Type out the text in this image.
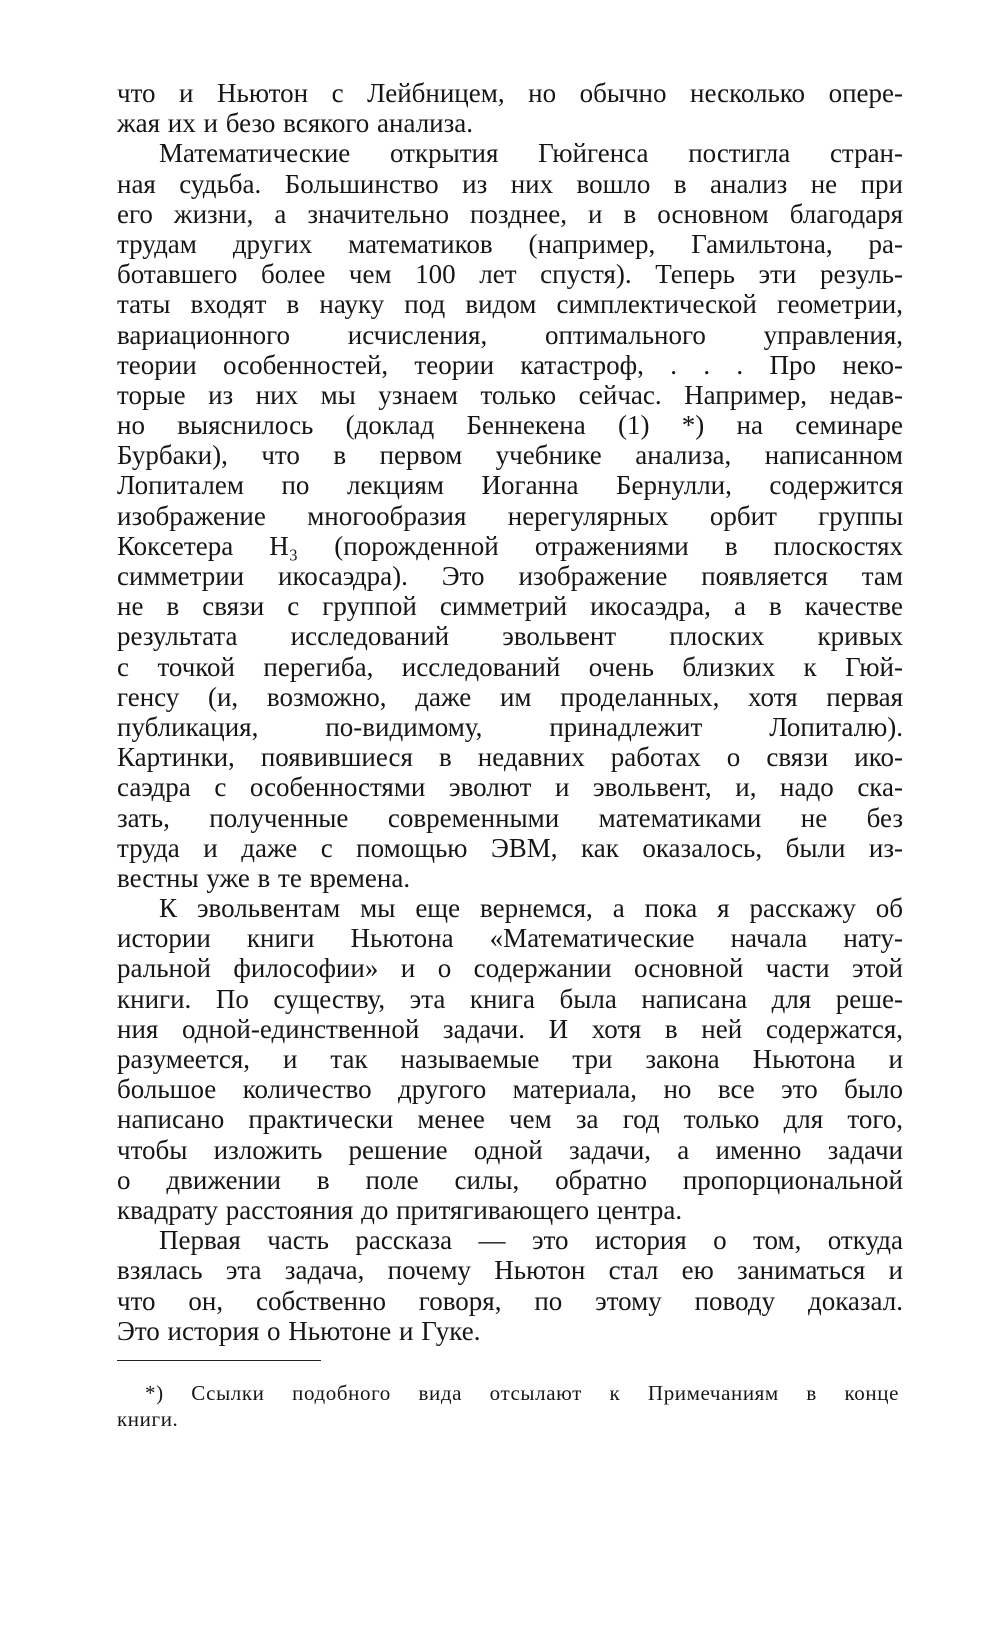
что и Ньютон с Лейбницем, но обычно несколько опере-
жая их и безо всякого анализа.
Математические открытия Гюйгенса постигла стран-
ная судьба. Большинство из них вошло в анализ не при
его жизни, а значительно позднее, и в основном благодаря
трудам других математиков (например, Гамильтона, ра-
ботавшего более чем 100 лет спустя). Теперь эти резуль-
таты входят в науку под видом симплектической геометрии,
вариационного исчисления, оптимального управления,
теории особенностей, теории катастроф, . . . Про неко-
торые из них мы узнаем только сейчас. Например, недав-
но выяснилось (доклад Беннекена (1) *) на семинаре
Бурбаки), что в первом учебнике анализа, написанном
Лопиталем по лекциям Иоганна Бернулли, содержится
изображение многообразия нерегулярных орбит группы
Коксетера H₃ (порожденной отражениями в плоскостях
симметрии икосаэдра). Это изображение появляется там
не в связи с группой симметрий икосаэдра, а в качестве
результата исследований эвольвент плоских кривых
с точкой перегиба, исследований очень близких к Гюй-
генсу (и, возможно, даже им проделанных, хотя первая
публикация, по-видимому, принадлежит Лопиталю).
Картинки, появившиеся в недавних работах о связи ико-
саэдра с особенностями эволют и эвольвент, и, надо ска-
зать, полученные современными математиками не без
труда и даже с помощью ЭВМ, как оказалось, были из-
вестны уже в те времена.
К эвольвентам мы еще вернемся, а пока я расскажу об
истории книги Ньютона «Математические начала нату-
ральной философии» и о содержании основной части этой
книги. По существу, эта книга была написана для реше-
ния одной-единственной задачи. И хотя в ней содержатся,
разумеется, и так называемые три закона Ньютона и
большое количество другого материала, но все это было
написано практически менее чем за год только для того,
чтобы изложить решение одной задачи, а именно задачи
о движении в поле силы, обратно пропорциональной
квадрату расстояния до притягивающего центра.
Первая часть рассказа — это история о том, откуда
взялась эта задача, почему Ньютон стал ею заниматься и
что он, собственно говоря, по этому поводу доказал.
Это история о Ньютоне и Гуке.
*) Ссылки подобного вида отсылают к Примечаниям в конце
книги.
